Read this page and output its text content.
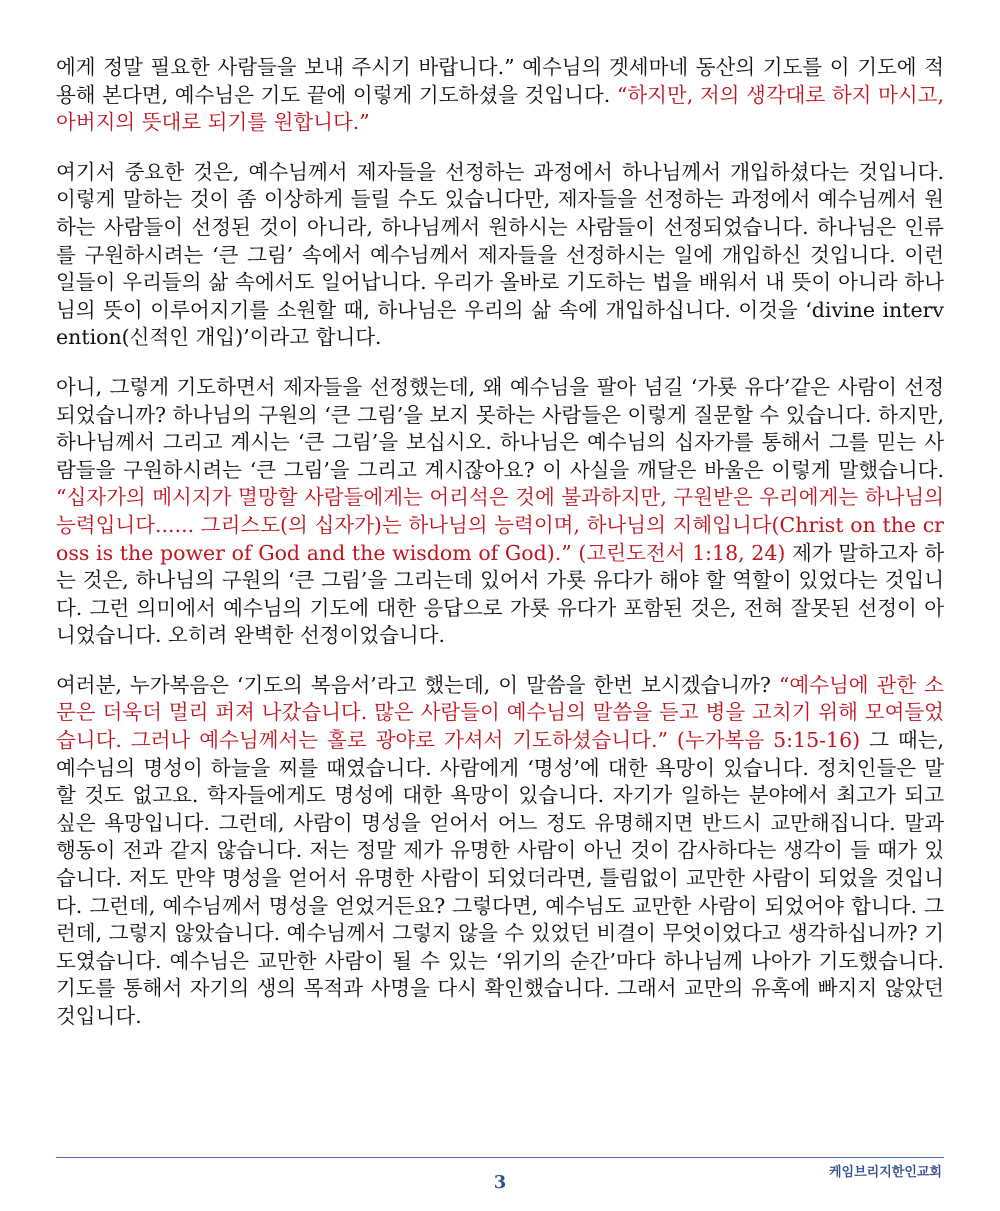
에게 정말 필요한 사람들을 보내 주시기 바랍니다.” 예수님의 겟세마네 동산의 기도를 이 기도에 적용해 본다면, 예수님은 기도 끝에 이렇게 기도하셨을 것입니다. “하지만, 저의 생각대로 하지 마시고, 아버지의 뜻대로 되기를 원합니다.”

여기서 중요한 것은, 예수님께서 제자들을 선정하는 과정에서 하나님께서 개입하셨다는 것입니다. 이렇게 말하는 것이 좀 이상하게 들릴 수도 있습니다만, 제자들을 선정하는 과정에서 예수님께서 원하는 사람들이 선정된 것이 아니라, 하나님께서 원하시는 사람들이 선정되었습니다. 하나님은 인류를 구원하시려는 ‘큰 그림’ 속에서 예수님께서 제자들을 선정하시는 일에 개입하신 것입니다. 이런 일들이 우리들의 삶 속에서도 일어납니다. 우리가 올바로 기도하는 법을 배워서 내 뜻이 아니라 하나님의 뜻이 이루어지기를 소원할 때, 하나님은 우리의 삶 속에 개입하십니다. 이것을 ‘divine intervention(신적인 개입)’이라고 합니다.

아니, 그렇게 기도하면서 제자들을 선정했는데, 왜 예수님을 팔아 넘길 ‘가룟 유다’같은 사람이 선정되었습니까? 하나님의 구원의 ‘큰 그림’을 보지 못하는 사람들은 이렇게 질문할 수 있습니다. 하지만, 하나님께서 그리고 계시는 ‘큰 그림’을 보십시오. 하나님은 예수님의 십자가를 통해서 그를 믿는 사람들을 구원하시려는 ‘큰 그림’을 그리고 계시잖아요? 이 사실을 깨달은 바울은 이렇게 말했습니다. “십자가의 메시지가 멸망할 사람들에게는 어리석은 것에 불과하지만, 구원받은 우리에게는 하나님의 능력입니다...... 그리스도(의 십자가)는 하나님의 능력이며, 하나님의 지혜입니다(Christ on the cross is the power of God and the wisdom of God).” (고린도전서 1:18, 24) 제가 말하고자 하는 것은, 하나님의 구원의 ‘큰 그림’을 그리는데 있어서 가룟 유다가 해야 할 역할이 있었다는 것입니다. 그런 의미에서 예수님의 기도에 대한 응답으로 가룟 유다가 포함된 것은, 전혀 잘못된 선정이 아니었습니다. 오히려 완벽한 선정이었습니다.

여러분, 누가복음은 ‘기도의 복음서’라고 했는데, 이 말씀을 한번 보시겠습니까? “예수님에 관한 소문은 더욱더 멀리 퍼져 나갔습니다. 많은 사람들이 예수님의 말씀을 듣고 병을 고치기 위해 모여들었습니다. 그러나 예수님께서는 홀로 광야로 가셔서 기도하셨습니다.” (누가복음 5:15-16) 그 때는, 예수님의 명성이 하늘을 찌를 때였습니다. 사람에게 ‘명성’에 대한 욕망이 있습니다. 정치인들은 말할 것도 없고요. 학자들에게도 명성에 대한 욕망이 있습니다. 자기가 일하는 분야에서 최고가 되고 싶은 욕망입니다. 그런데, 사람이 명성을 얻어서 어느 정도 유명해지면 반드시 교만해집니다. 말과 행동이 전과 같지 않습니다. 저는 정말 제가 유명한 사람이 아닌 것이 감사하다는 생각이 들 때가 있습니다. 저도 만약 명성을 얻어서 유명한 사람이 되었더라면, 틀림없이 교만한 사람이 되었을 것입니다. 그런데, 예수님께서 명성을 얻었거든요? 그렇다면, 예수님도 교만한 사람이 되었어야 합니다. 그런데, 그렇지 않았습니다. 예수님께서 그렇지 않을 수 있었던 비결이 무엇이었다고 생각하십니까? 기도였습니다. 예수님은 교만한 사람이 될 수 있는 ‘위기의 순간’마다 하나님께 나아가 기도했습니다. 기도를 통해서 자기의 생의 목적과 사명을 다시 확인했습니다. 그래서 교만의 유혹에 빠지지 않았던 것입니다.

케임브리지한인교회
3
